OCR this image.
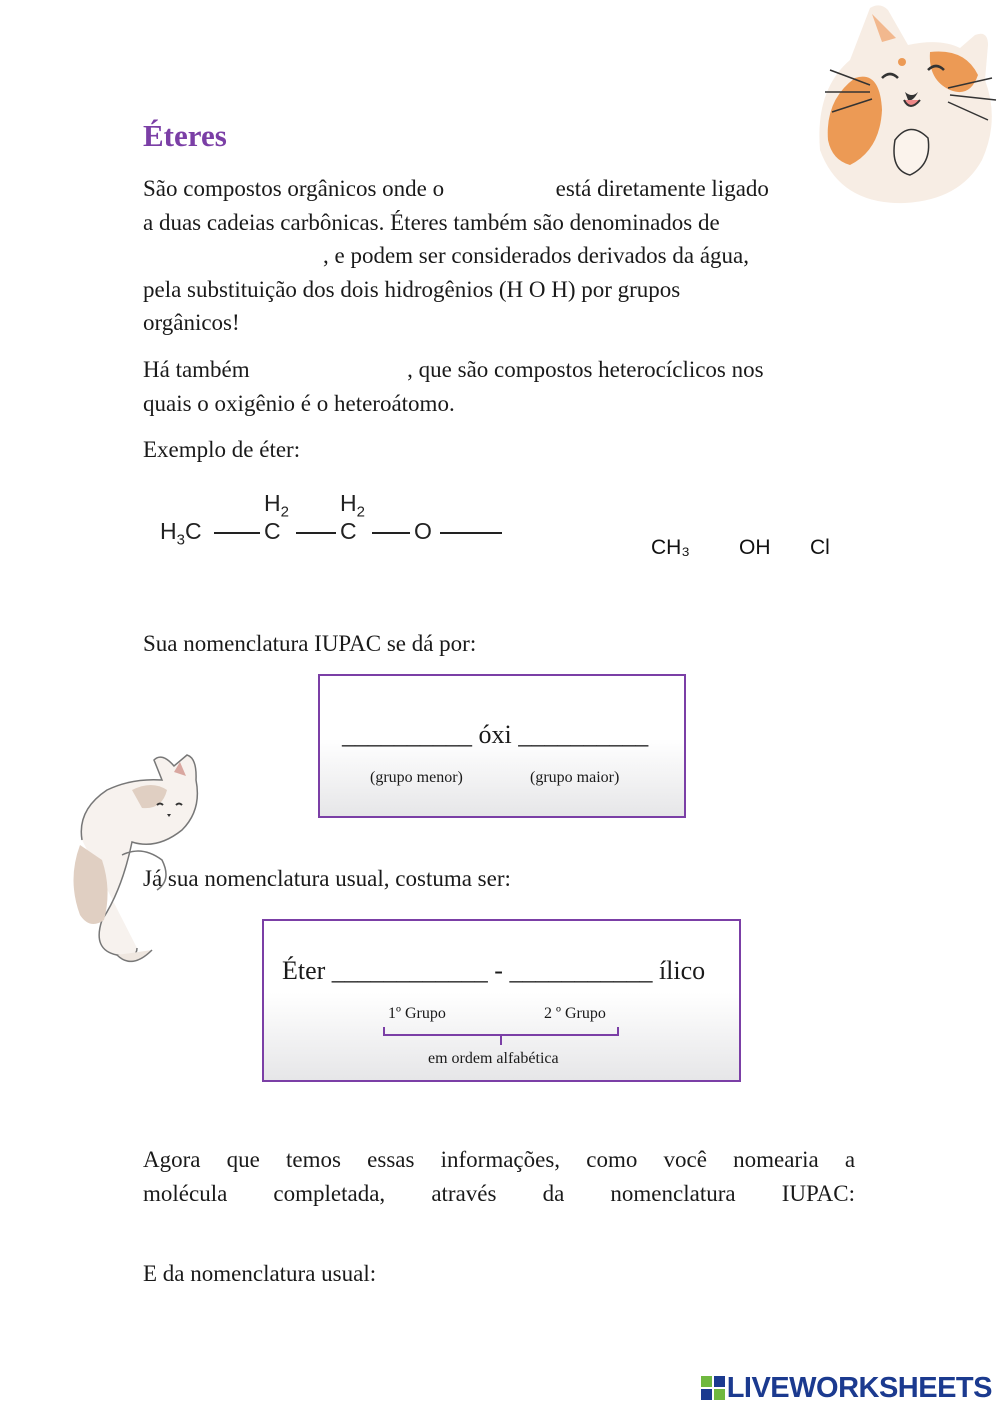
Éteres
São compostos orgânicos onde o	está diretamente ligado
a duas cadeias carbônicas. Éteres também são denominados de
, e podem ser considerados derivados da água,
pela substituição dos dois hidrogênios (H O H) por grupos
orgânicos!
Há também	, que são compostos heterocíclicos nos
quais o oxigênio é o heteroátomo.
Exemplo de éter:
$H_3C$
$H_2$
C
$H_2$
C O
CH₃ OH Cl
Sua nomenclatura IUPAC se dá por:
__________ óxi __________
(grupo menor)	(grupo maior)
Já sua nomenclatura usual, costuma ser:
Éter ____________ - ___________ ílico
1º Grupo	2 º Grupo
em ordem alfabética
Agora que temos essas informações, como você nomearia a
molécula completada, através da nomenclatura IUPAC:
E da nomenclatura usual:
LIVEWORKSHEETS
